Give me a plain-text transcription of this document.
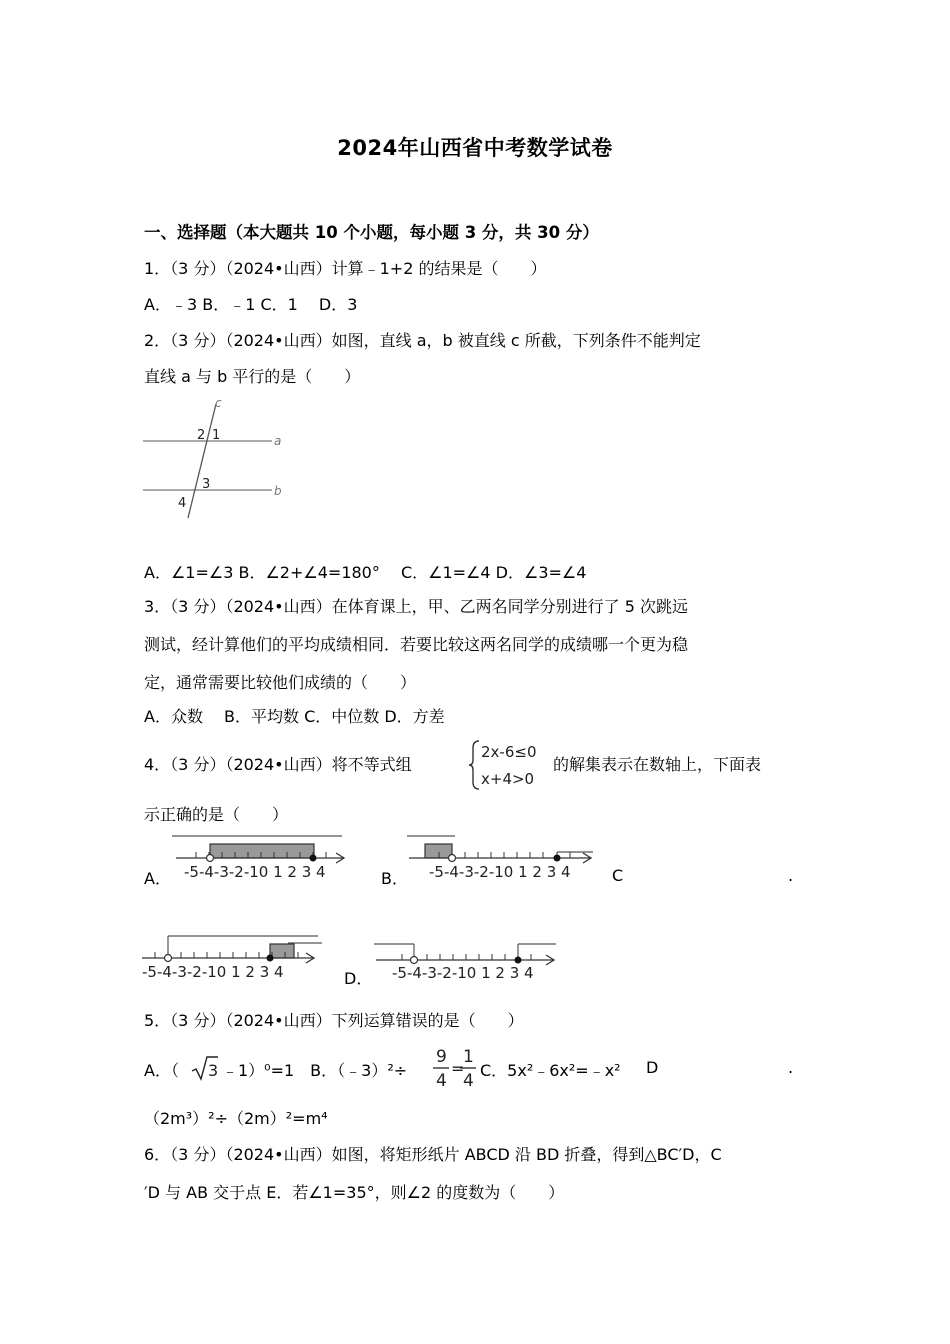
2024年山西省中考数学试卷
一、选择题（本大题共 10 个小题，每小题 3 分，共 30 分）
1．（3 分）（2024•山西）计算﹣1+2 的结果是（　　）
A．﹣3 B．﹣1 C．1　 D．3
2．（3 分）（2024•山西）如图，直线 a，b 被直线 c 所截，下列条件不能判定
直线 a 与 b 平行的是（　　）
c
a
b
2 1
3
4
A．∠1=∠3 B．∠2+∠4=180°　 C．∠1=∠4 D．∠3=∠4
3．（3 分）（2024•山西）在体育课上，甲、乙两名同学分别进行了 5 次跳远
测试，经计算他们的平均成绩相同．若要比较这两名同学的成绩哪一个更为稳
定，通常需要比较他们成绩的（　　）
A．众数　 B．平均数 C．中位数 D．方差
4．（3 分）（2024•山西）将不等式组
2x-6≤0
x+4>0
的解集表示在数轴上，下面表
示正确的是（　　）
A． -5-4-3-2-10 1 2 3 4	B． -5-4-3-2-10 1 2 3 4	C	.
-5-4-3-2-10 1 2 3 4	D． -5-4-3-2-10 1 2 3 4
5．（3 分）（2024•山西）下列运算错误的是（　　）
A．（ 3 ﹣1）⁰=1　B．（﹣3）²÷
9
4
=
1
4
C．5x²﹣6x²=﹣x² D	.
（2m³）²÷（2m）²=m⁴
6．（3 分）（2024•山西）如图，将矩形纸片 ABCD 沿 BD 折叠，得到△BC′D，C
′D 与 AB 交于点 E．若∠1=35°，则∠2 的度数为（　　）
